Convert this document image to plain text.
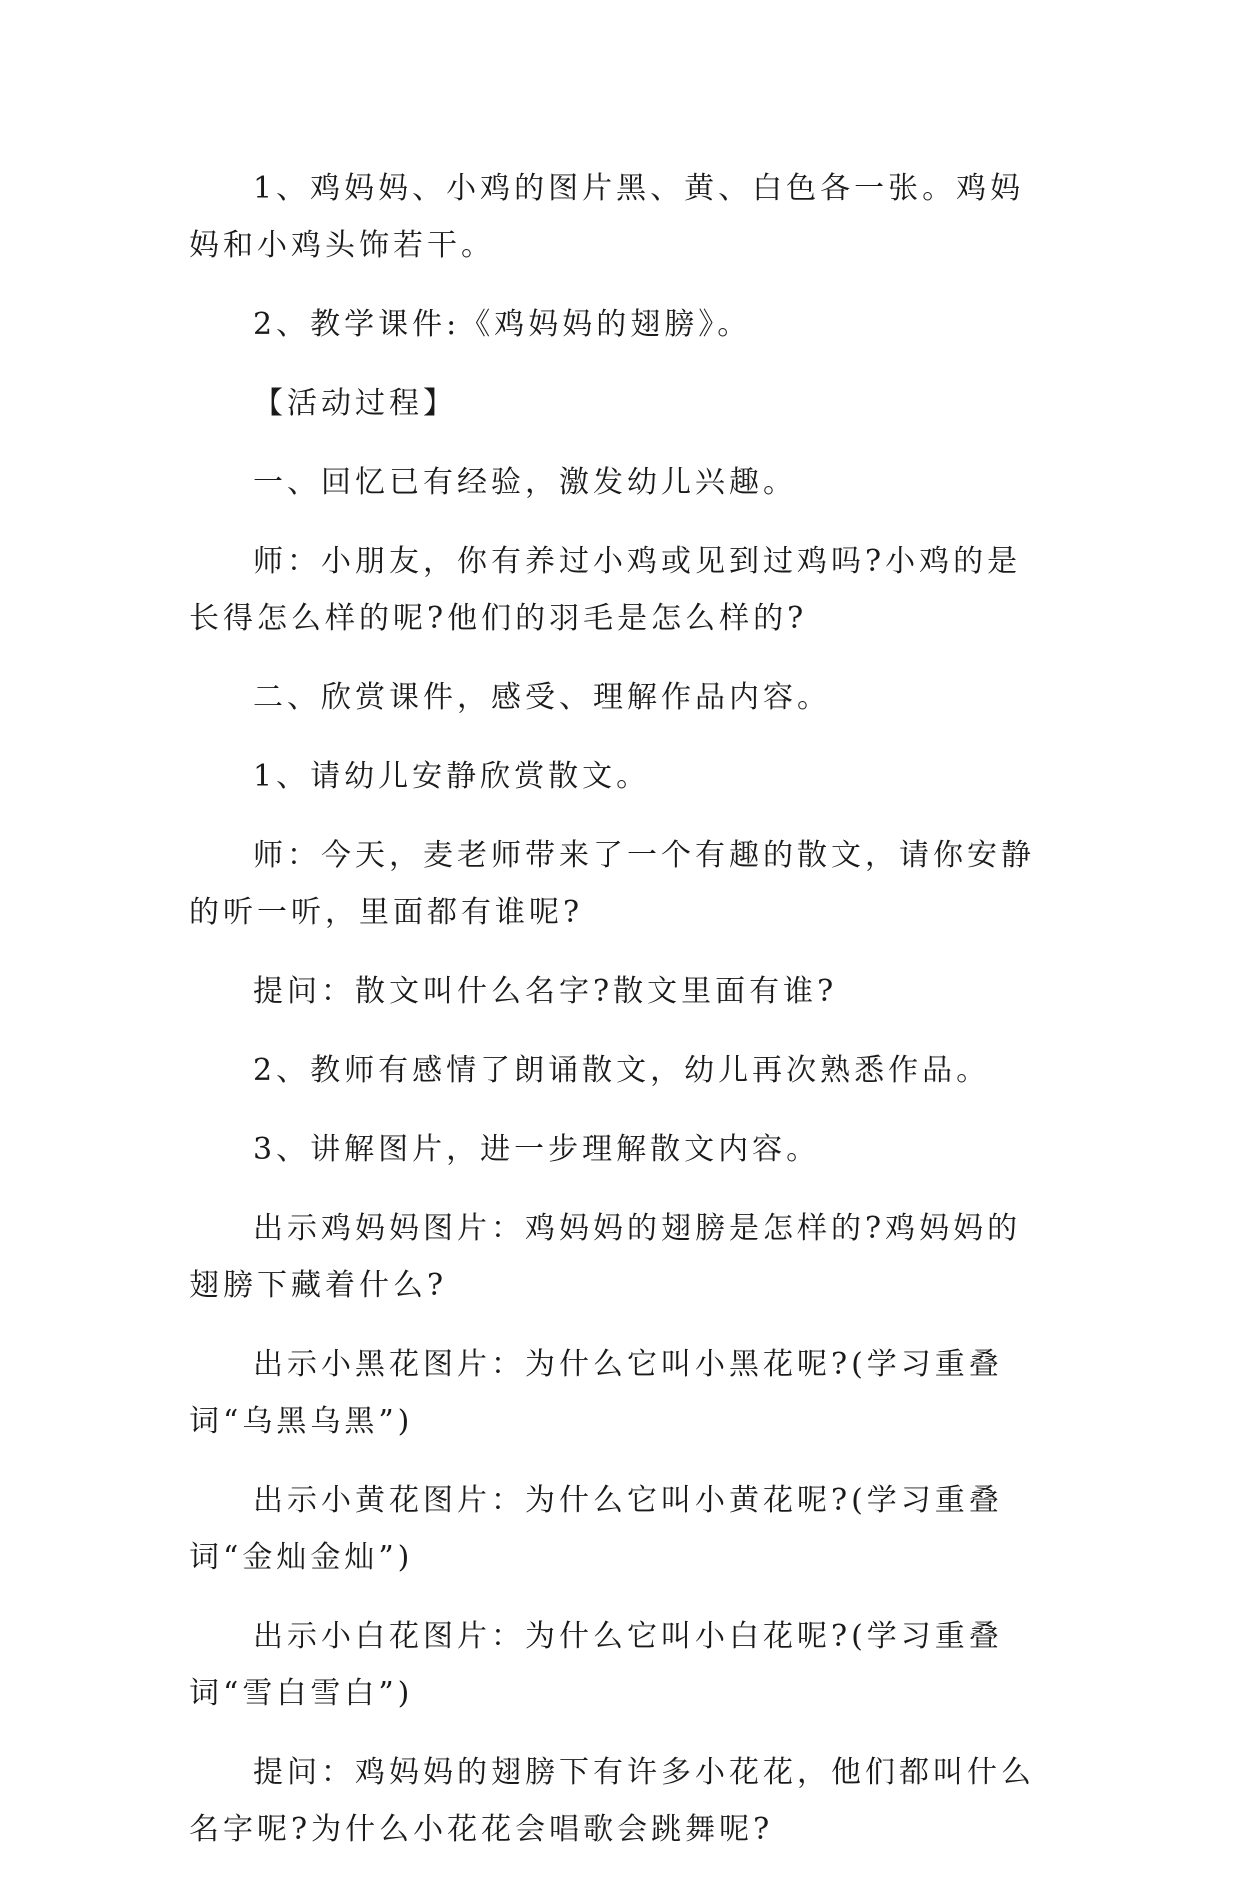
1、鸡妈妈、小鸡的图片黑、黄、白色各一张。鸡妈妈和小鸡头饰若干。

2、教学课件:《鸡妈妈的翅膀》。

【活动过程】

一、回忆已有经验，激发幼儿兴趣。

师：小朋友，你有养过小鸡或见到过鸡吗?小鸡的是长得怎么样的呢?他们的羽毛是怎么样的?

二、欣赏课件，感受、理解作品内容。

1、请幼儿安静欣赏散文。

师：今天，麦老师带来了一个有趣的散文，请你安静的听一听，里面都有谁呢?

提问：散文叫什么名字?散文里面有谁?

2、教师有感情了朗诵散文，幼儿再次熟悉作品。

3、讲解图片，进一步理解散文内容。

出示鸡妈妈图片：鸡妈妈的翅膀是怎样的?鸡妈妈的翅膀下藏着什么?

出示小黑花图片：为什么它叫小黑花呢?(学习重叠词“乌黑乌黑”)

出示小黄花图片：为什么它叫小黄花呢?(学习重叠词“金灿金灿”)

出示小白花图片：为什么它叫小白花呢?(学习重叠词“雪白雪白”)

提问：鸡妈妈的翅膀下有许多小花花，他们都叫什么名字呢?为什么小花花会唱歌会跳舞呢?
